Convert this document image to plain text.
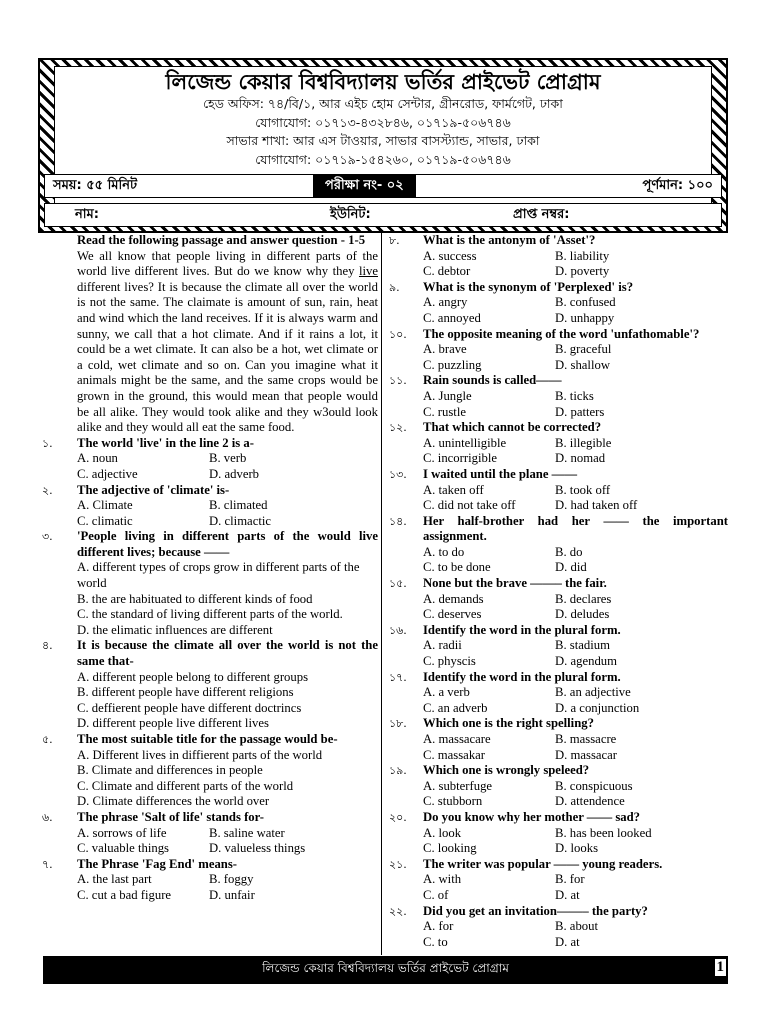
লিজেন্ড কেয়ার বিশ্ববিদ্যালয় ভর্তির প্রাইভেট প্রোগ্রাম
হেড অফিস: ৭৪/বি/১, আর এইচ হোম সেন্টার, গ্রীনরোড, ফার্মগেট, ঢাকা
যোগাযোগ: ০১৭১৩-৪৩২৮৪৬, ০১৭১৯-৫০৬৭৪৬
সাভার শাখা: আর এস টাওয়ার, সাভার বাসস্ট্যান্ড, সাভার, ঢাকা
যোগাযোগ: ০১৭১৯-১৫৪২৬০, ০১৭১৯-৫০৬৭৪৬
সময়: ৫৫ মিনিট	পরীক্ষা নং- ০২	পূর্ণমান: ১০০
নাম:	ইউনিট:	প্রাপ্ত নম্বর:
Read the following passage and answer question - 1-5
We all know that people living in different parts of the world live different lives. But do we know why they live different lives? It is because the climate all over the world is not the same. The claimate is amount of sun, rain, heat and wind which the land receives. If it is always warm and sunny, we call that a hot climate. And if it rains a lot, it could be a wet climate. It can also be a hot, wet climate or a cold, wet climate and so on. Can you imagine what it animals might be the same, and the same crops would be grown in the ground, this would mean that people would be all alike. They would took alike and they w3ould look alike and they would all eat the same food.
১. The world 'live' in the line 2 is a-
A. noun	B. verb
C. adjective	D. adverb
২. The adjective of 'climate' is-
A. Climate	B. climated
C. climatic	D. climactic
৩. 'People living in different parts of the would live different lives; because ——
A. different types of crops grow in different parts of the world
B. the are habituated to different kinds of food
C. the standard of living different parts of the world.
D. the elimatic influences are different
৪. It is because the climate all over the world is not the same that-
A. different people belong to different groups
B. different people have different religions
C. deffierent people have different doctrincs
D. different people live different lives
৫. The most suitable title for the passage would be-
A. Different lives in diffierent parts of the world
B. Climate and differences in people
C. Climate and different parts of the world
D. Climate differences the world over
৬. The phrase 'Salt of life' stands for-
A. sorrows of life	B. saline water
C. valuable things	D. valueless things
৭. The Phrase 'Fag End' means-
A. the last part	B. foggy
C. cut a bad figure	D. unfair
৮. What is the antonym of 'Asset'?
A. success	B. liability
C. debtor	D. poverty
৯. What is the synonym of 'Perplexed' is?
A. angry	B. confused
C. annoyed	D. unhappy
১০. The opposite meaning of the word 'unfathomable'?
A. brave	B. graceful
C. puzzling	D. shallow
১১. Rain sounds is called——
A. Jungle	B. ticks
C. rustle	D. patters
১২. That which cannot be corrected?
A. unintelligible	B. illegible
C. incorrigible	D. nomad
১৩. I waited until the plane ——
A. taken off	B. took off
C. did not take off	D. had taken off
১৪. Her half-brother had her —— the important assignment.
A. to do	B. do
C. to be done	D. did
১৫. None but the brave ——– the fair.
A. demands	B. declares
C. deserves	D. deludes
১৬. Identify the word in the plural form.
A. radii	B. stadium
C. physcis	D. agendum
১৭. Identify the word in the plural form.
A. a verb	B. an adjective
C. an adverb	D. a conjunction
১৮. Which one is the right spelling?
A. massacare	B. massacre
C. massakar	D. massacar
১৯. Which one is wrongly speleed?
A. subterfuge	B. conspicuous
C. stubborn	D. attendence
২০. Do you know why her mother —— sad?
A. look	B. has been looked
C. looking	D. looks
২১. The writer was popular —— young readers.
A. with	B. for
C. of	D. at
২২. Did you get an invitation——– the party?
A. for	B. about
C. to	D. at
লিজেন্ড কেয়ার বিশ্ববিদ্যালয় ভর্তির প্রাইভেট প্রোগ্রাম	1
